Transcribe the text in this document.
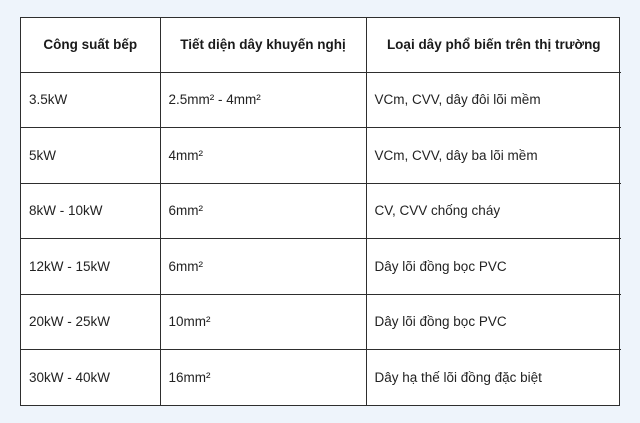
Công suất bếp	Tiết diện dây khuyến nghị	Loại dây phổ biến trên thị trường
3.5kW	2.5mm² - 4mm²	VCm, CVV, dây đôi lõi mềm
5kW	4mm²	VCm, CVV, dây ba lõi mềm
8kW - 10kW	6mm²	CV, CVV chống cháy
12kW - 15kW	6mm²	Dây lõi đồng bọc PVC
20kW - 25kW	10mm²	Dây lõi đồng bọc PVC
30kW - 40kW	16mm²	Dây hạ thế lõi đồng đặc biệt
